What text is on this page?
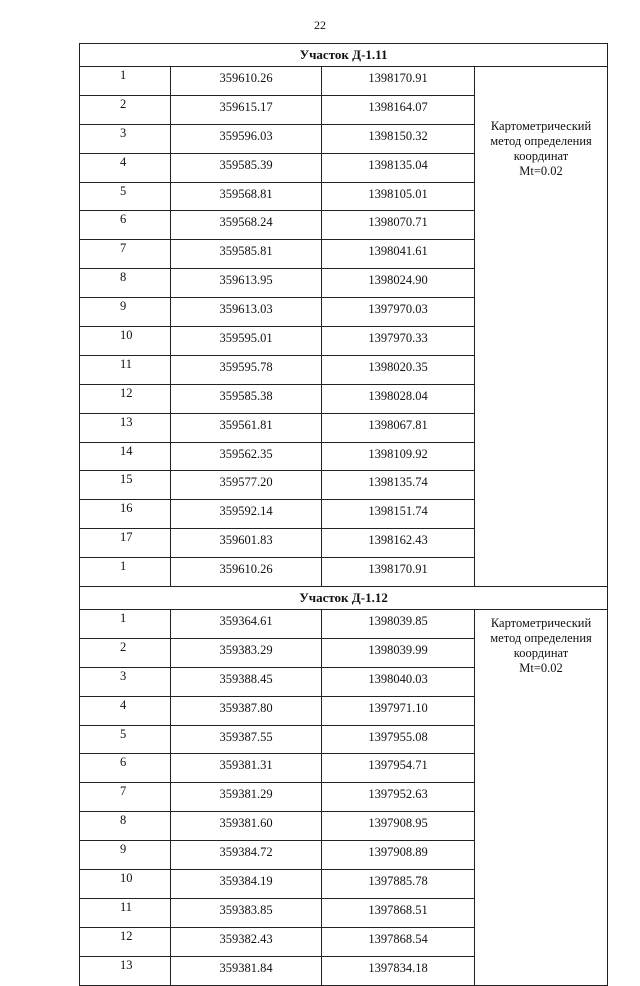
22
Участок Д-1.11			
1	359610.26	1398170.91	Картометрический
метод определения
координат
Mt=0.02

2	359615.17	1398164.07	
3	359596.03	1398150.32	
4	359585.39	1398135.04	
5	359568.81	1398105.01	
6	359568.24	1398070.71	
7	359585.81	1398041.61	
8	359613.95	1398024.90	
9	359613.03	1397970.03	
10	359595.01	1397970.33	
11	359595.78	1398020.35	
12	359585.38	1398028.04	
13	359561.81	1398067.81	
14	359562.35	1398109.92	
15	359577.20	1398135.74	
16	359592.14	1398151.74	
17	359601.83	1398162.43	
1	359610.26	1398170.91	
Участок Д-1.12			
1	359364.61	1398039.85	Картометрический
метод определения
координат
Mt=0.02

2	359383.29	1398039.99	
3	359388.45	1398040.03	
4	359387.80	1397971.10	
5	359387.55	1397955.08	
6	359381.31	1397954.71	
7	359381.29	1397952.63	
8	359381.60	1397908.95	
9	359384.72	1397908.89	
10	359384.19	1397885.78	
11	359383.85	1397868.51	
12	359382.43	1397868.54	
13	359381.84	1397834.18	
